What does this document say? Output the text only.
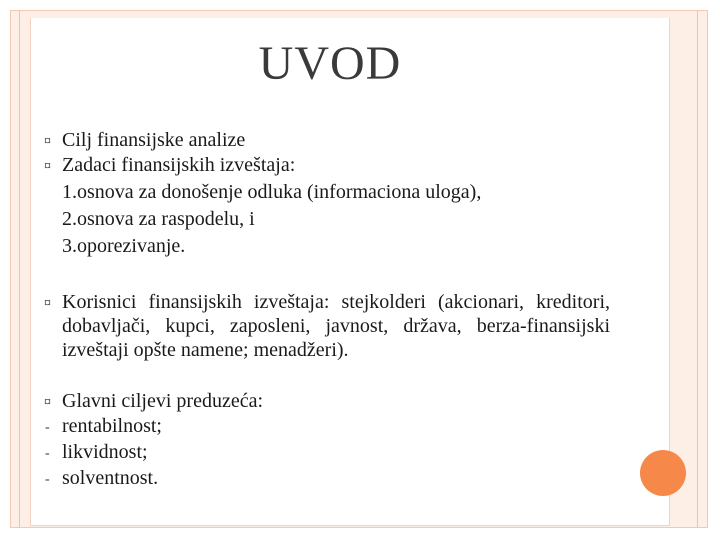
UVOD
¤ Cilj finansijske analize
¤ Zadaci finansijskih izveštaja:
1.osnova za donošenje odluka (informaciona uloga),
2.osnova za raspodelu, i
3.oporezivanje.
¤ Korisnici finansijskih izveštaja: stejkolderi (akcionari, kreditori, dobavljači, kupci, zaposleni, javnost, država, berza-finansijski izveštaji opšte namene; menadžeri).
¤ Glavni ciljevi preduzeća:
- rentabilnost;
- likvidnost;
- solventnost.
